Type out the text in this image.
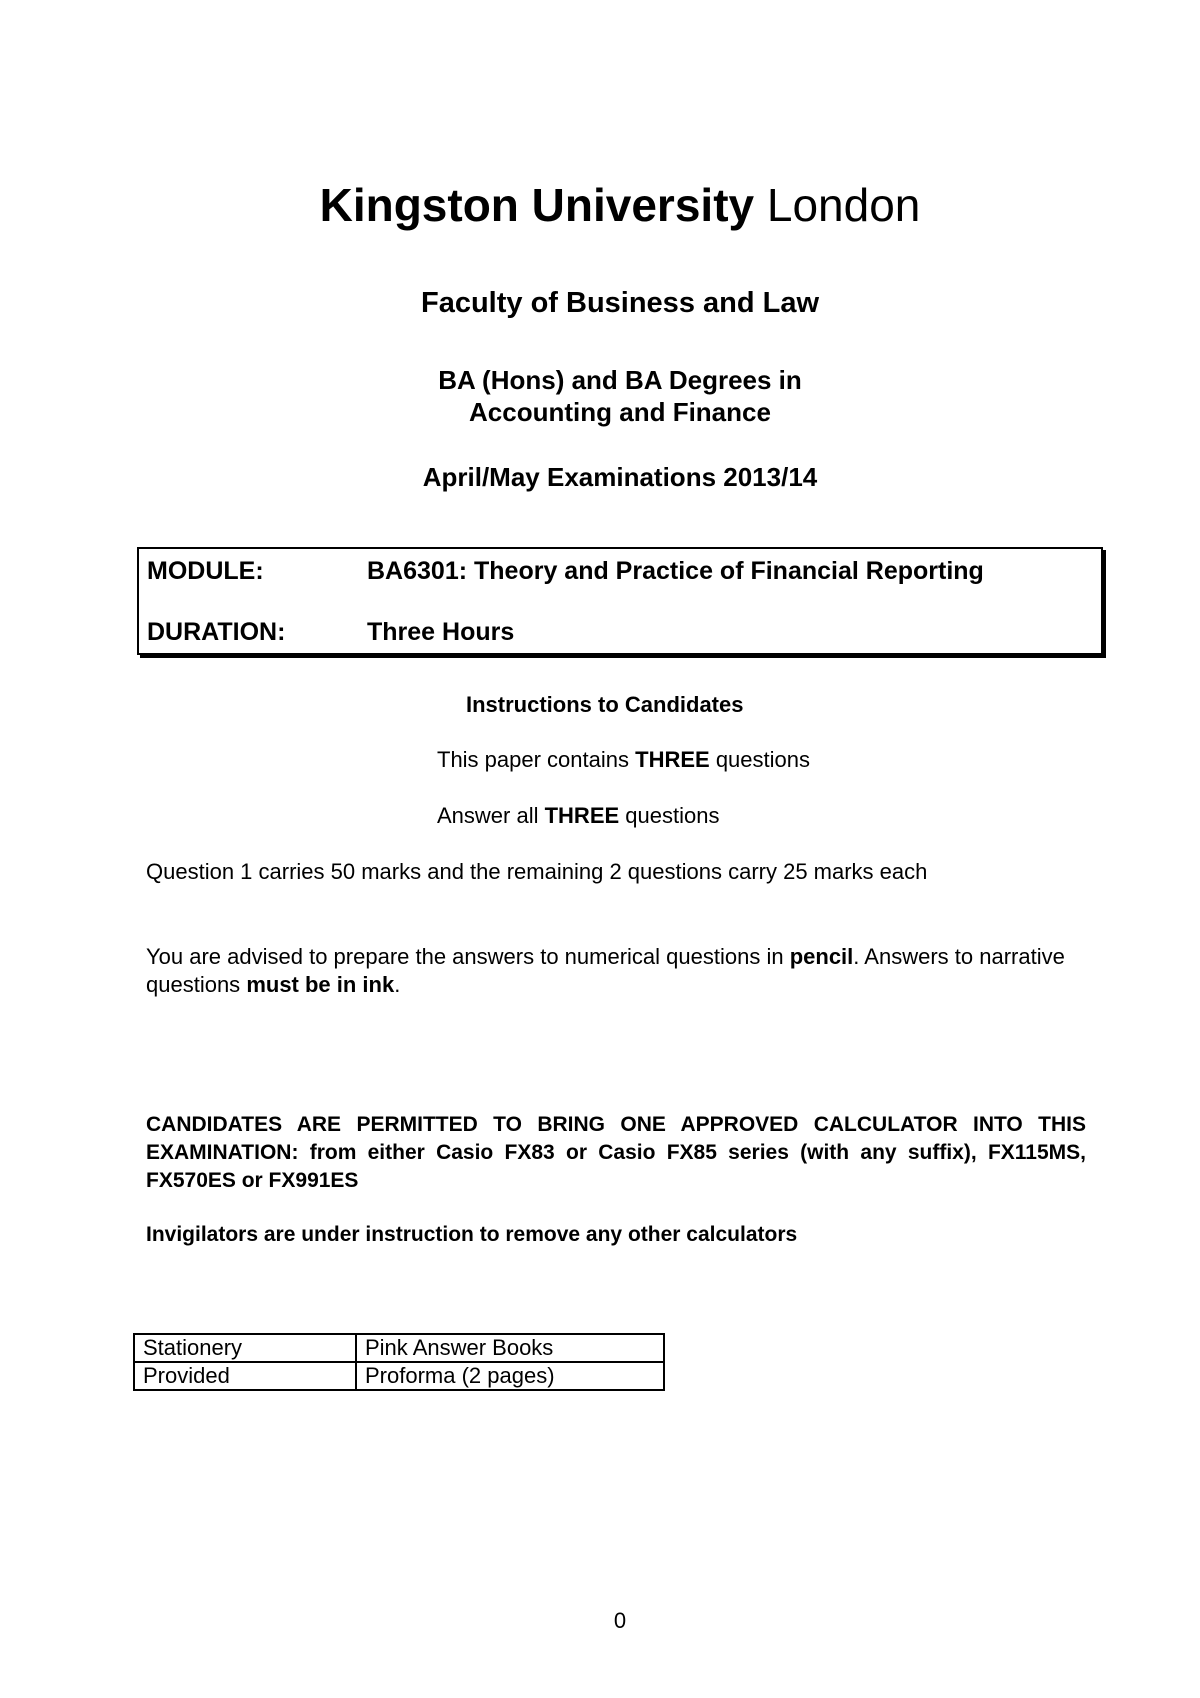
Kingston University London
Faculty of Business and Law
BA (Hons) and BA Degrees in
Accounting and Finance
April/May Examinations 2013/14
MODULE:	BA6301: Theory and Practice of Financial Reporting
DURATION:	Three Hours
Instructions to Candidates
This paper contains THREE questions
Answer all THREE questions
Question 1 carries 50 marks and the remaining 2 questions carry 25 marks each
You are advised to prepare the answers to numerical questions in pencil. Answers to narrative questions must be in ink.
CANDIDATES ARE PERMITTED TO BRING ONE APPROVED CALCULATOR INTO THIS EXAMINATION: from either Casio FX83 or Casio FX85 series (with any suffix), FX115MS, FX570ES or FX991ES
Invigilators are under instruction to remove any other calculators
Stationery	Pink Answer Books
Provided	Proforma (2 pages)
0
